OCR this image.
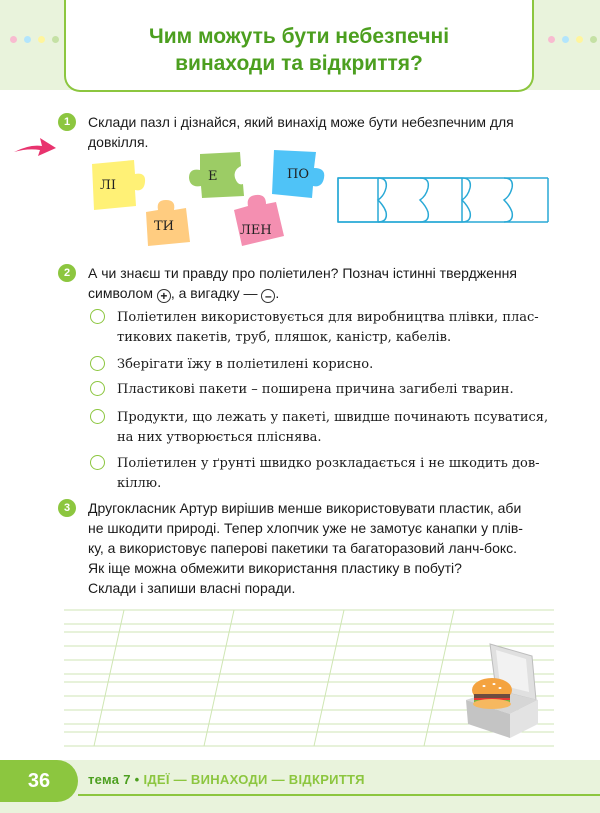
Чим можуть бути небезпечні
винаходи та відкриття?
1	Склади пазл і дізнайся, який винахід може бути небезпечним для довкілля.
ЛІ
Е	ПО
ТИ	ЛЕН
2	А чи знаєш ти правду про поліетилен? Познач істинні твердження
символом + , а вигадку — – .
Поліетилен використовується для виробництва плівки, плас-тикових пакетів, труб, пляшок, каністр, кабелів.
Зберігати їжу в поліетилені корисно.
Пластикові пакети – поширена причина загибелі тварин.
Продукти, що лежать у пакеті, швидше починають псуватися, на них утворюється пліснява.
Поліетилен у ґрунті швидко розкладається і не шкодить дов-кіллю.
3	Другокласник Артур вирішив менше використовувати пластик, аби
не шкодити природі. Тепер хлопчик уже не замотує канапки у плів-
ку, а використовує паперові пакетики та багаторазовий ланч-бокс.
Як іще можна обмежити використання пластику в побуті?
Склади і запиши власні поради.
36	тема 7 • ІДЕЇ — ВИНАХОДИ — ВІДКРИТТЯ
